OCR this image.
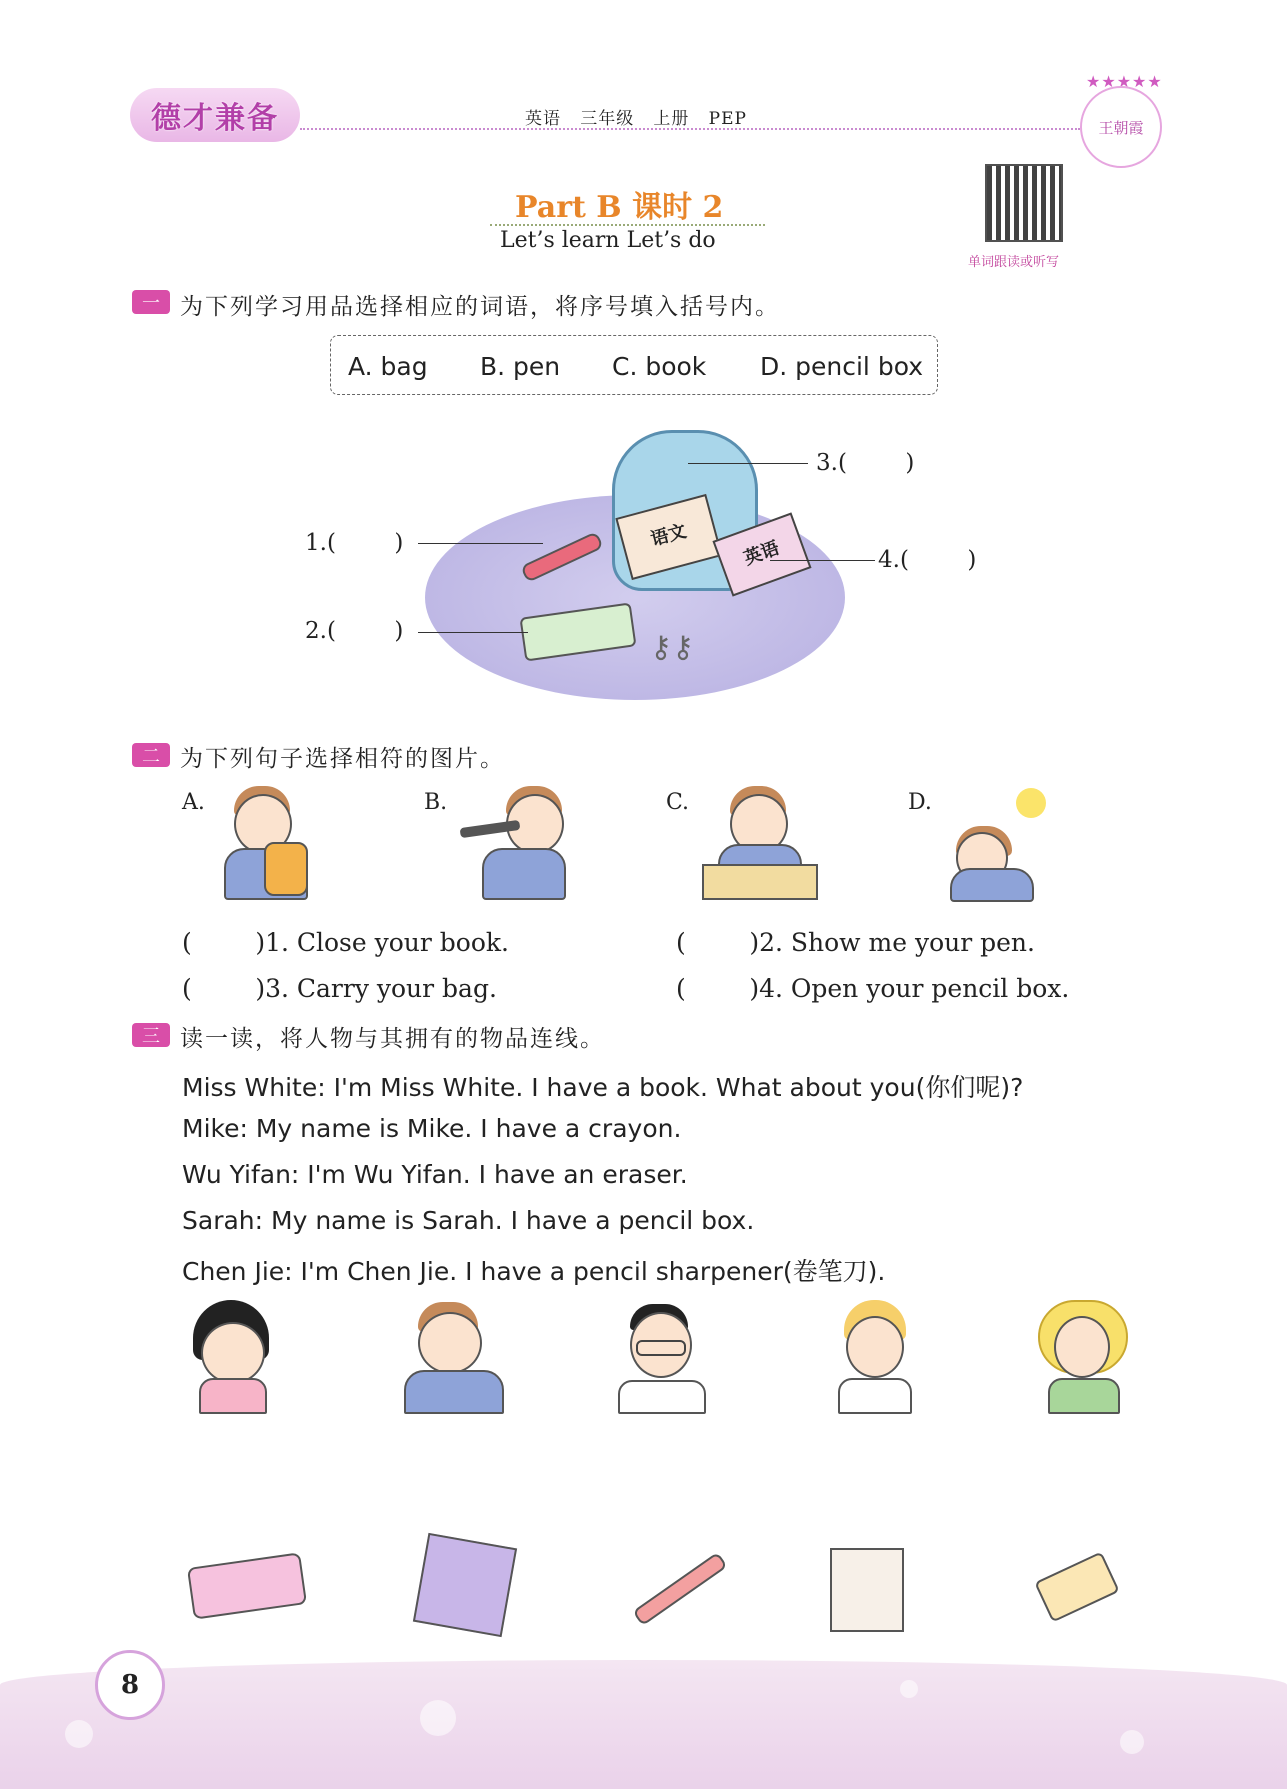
德才兼备	英语   三年级   上册   PEP
★★★★★
王朝霞
Part B 课时 2
Let’s learn Let’s do
单词跟读或听写
一 为下列学习用品选择相应的词语，将序号填入括号内。
A. bag B. pen C. book D. pencil box
语文
英语
⚷⚷
1.(        )
2.(        )
3.(        )
4.(        )
二 为下列句子选择相符的图片。
A.	B.	C.	D.
(        )1. Close your book.	(        )2. Show me your pen.
(        )3. Carry your bag.	(        )4. Open your pencil box.
三 读一读，将人物与其拥有的物品连线。
Miss White: I'm Miss White. I have a book. What about you(你们呢)?
Mike: My name is Mike. I have a crayon.
Wu Yifan: I'm Wu Yifan. I have an eraser.
Sarah: My name is Sarah. I have a pencil box.
Chen Jie: I'm Chen Jie. I have a pencil sharpener(卷笔刀).
8
